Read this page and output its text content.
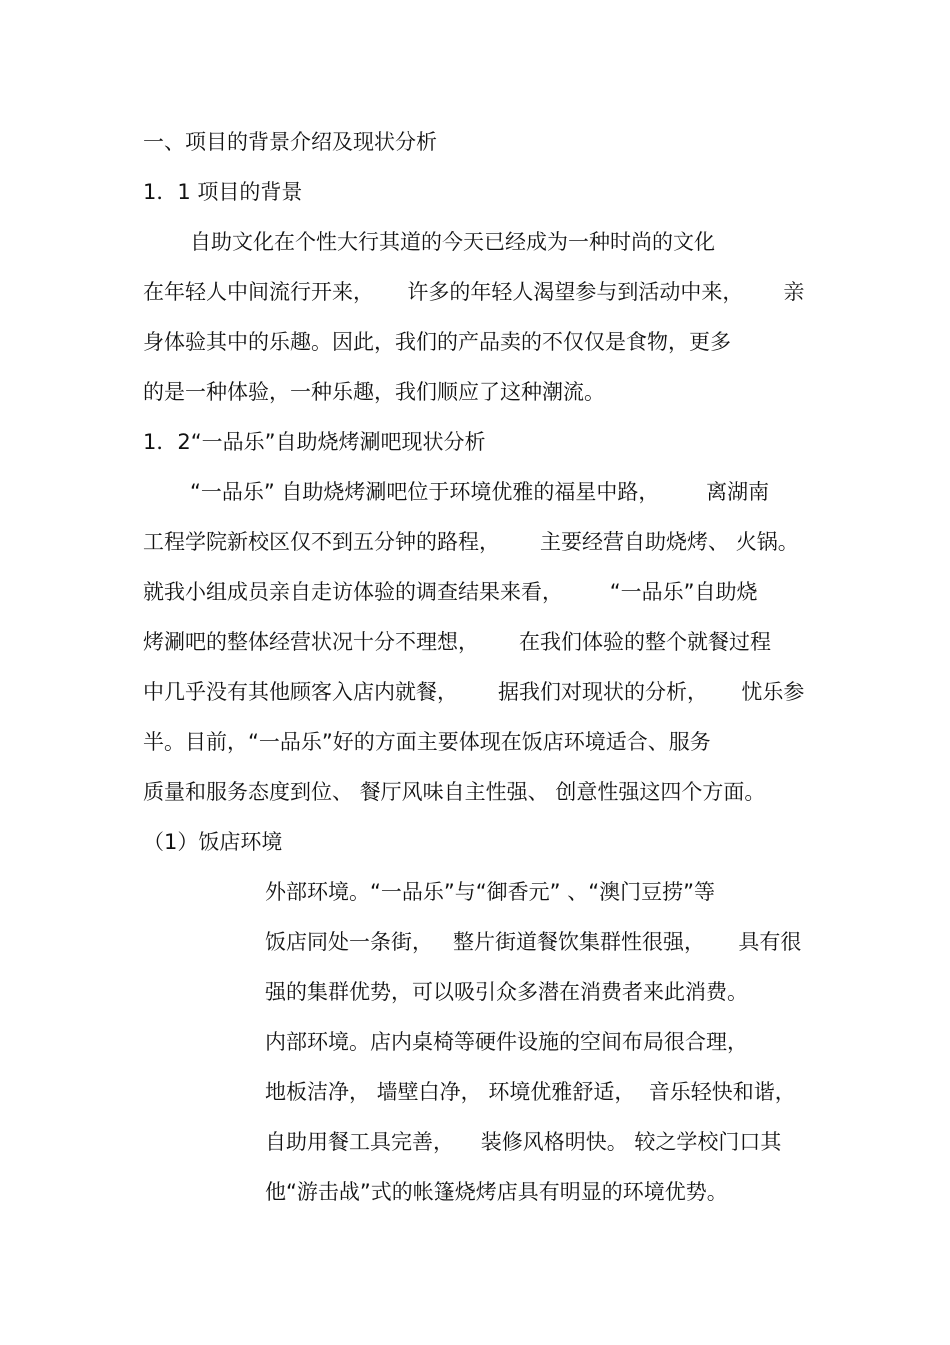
一、项目的背景介绍及现状分析

1．1 项目的背景

自助文化在个性大行其道的今天已经成为一种时尚的文化

在年轻人中间流行开来，     许多的年轻人渴望参与到活动中来，      亲

身体验其中的乐趣。因此，我们的产品卖的不仅仅是食物，更多

的是一种体验，一种乐趣，我们顺应了这种潮流。

1．2“一品乐”自助烧烤涮吧现状分析

“一品乐” 自助烧烤涮吧位于环境优雅的福星中路，       离湖南

工程学院新校区仅不到五分钟的路程，      主要经营自助烧烤、 火锅。

就我小组成员亲自走访体验的调查结果来看，       “一品乐”自助烧

烤涮吧的整体经营状况十分不理想，      在我们体验的整个就餐过程

中几乎没有其他顾客入店内就餐，      据我们对现状的分析，     忧乐参

半。目前，“一品乐”好的方面主要体现在饭店环境适合、服务

质量和服务态度到位、 餐厅风味自主性强、 创意性强这四个方面。

（1）饭店环境

外部环境。“一品乐”与“御香元” 、“澳门豆捞”等

饭店同处一条街，   整片街道餐饮集群性很强，     具有很

强的集群优势，可以吸引众多潜在消费者来此消费。

内部环境。店内桌椅等硬件设施的空间布局很合理，

地板洁净， 墙壁白净， 环境优雅舒适，  音乐轻快和谐，

自助用餐工具完善，    装修风格明快。 较之学校门口其

他“游击战”式的帐篷烧烤店具有明显的环境优势。
